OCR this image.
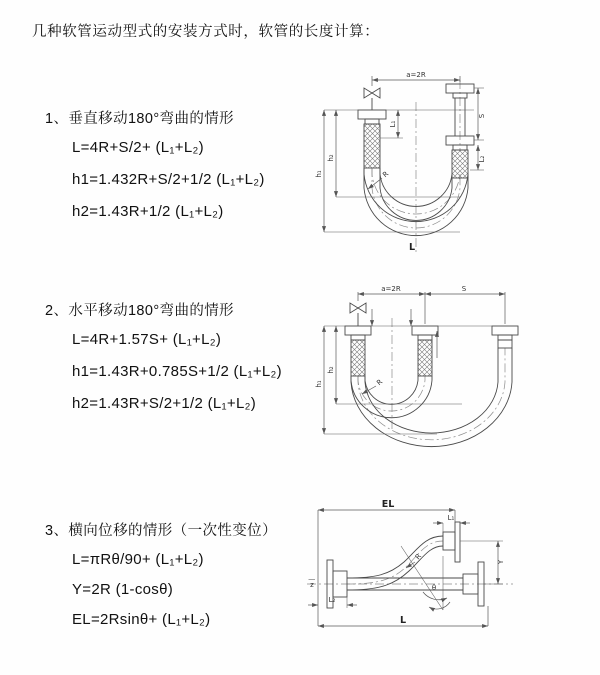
几种软管运动型式的安装方式时，软管的长度计算：
1、垂直移动180°弯曲的情形
L=4R+S/2+ (L₁+L₂)
h1=1.432R+S/2+1/2 (L₁+L₂)
h2=1.43R+1/2 (L₁+L₂)
a=2R
h₁
h₂
L₁
S
L₂
R
L
2、水平移动180°弯曲的情形
L=4R+1.57S+ (L₁+L₂)
h1=1.43R+0.785S+1/2 (L₁+L₂)
h2=1.43R+S/2+1/2 (L₁+L₂)
a=2R	S
h₁
h₂
R
3、横向位移的情形（一次性变位）
L=πRθ/90+ (L₁+L₂)
Y=2R (1-cosθ)
EL=2Rsinθ+ (L₁+L₂)
EL
L₁
Y
R
θ
L
L₂
z
